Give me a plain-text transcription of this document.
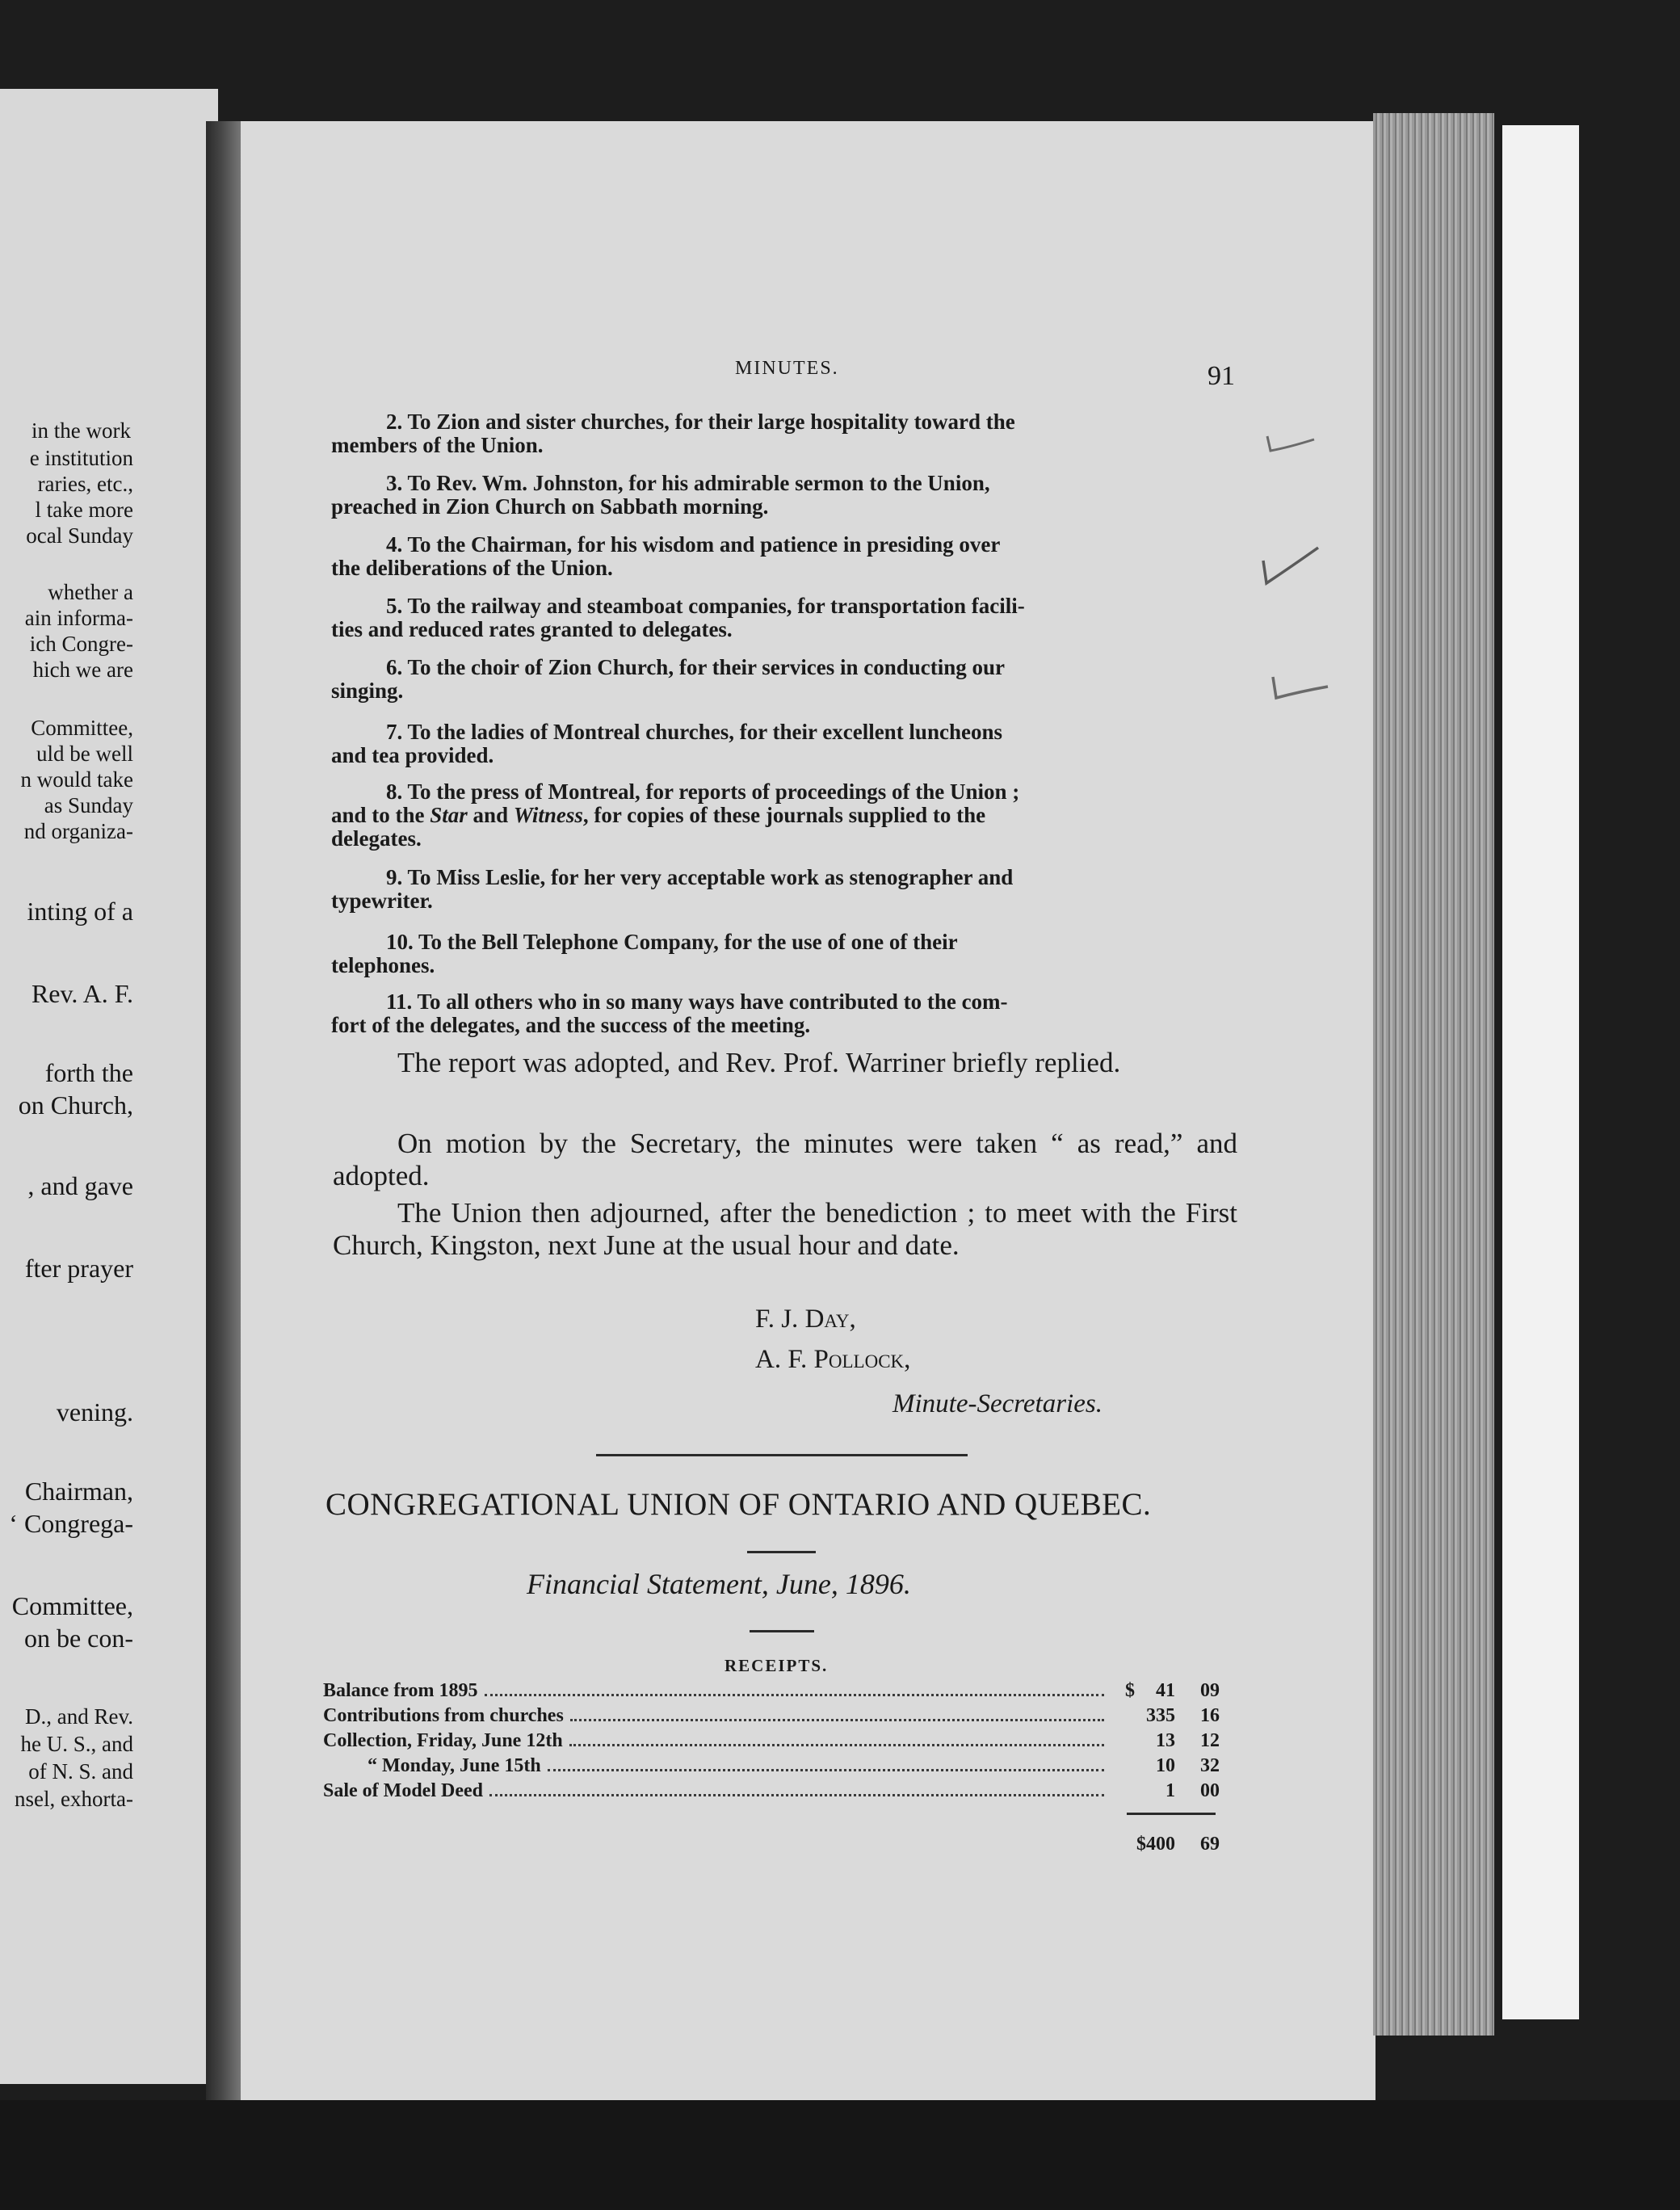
in the work
e institution
raries, etc.,
l take more
ocal Sunday
whether a
ain informa-
ich Congre-
hich we are
Committee,
uld be well
n would take
as Sunday
nd organiza-
inting of a
Rev. A. F.
forth the
on Church,
, and gave
fter prayer
vening.
Chairman,
‘ Congrega-
Committee,
on be con-
D., and Rev.
he U. S., and
of N. S. and
nsel, exhorta-
MINUTES.	91
2. To Zion and sister churches, for their large hospitality toward the
members of the Union.
3. To Rev. Wm. Johnston, for his admirable sermon to the Union,
preached in Zion Church on Sabbath morning.
4. To the Chairman, for his wisdom and patience in presiding over
the deliberations of the Union.
5. To the railway and steamboat companies, for transportation facili-
ties and reduced rates granted to delegates.
6. To the choir of Zion Church, for their services in conducting our
singing.
7. To the ladies of Montreal churches, for their excellent luncheons
and tea provided.
8. To the press of Montreal, for reports of proceedings of the Union ;
and to the Star and Witness, for copies of these journals supplied to the
delegates.
9. To Miss Leslie, for her very acceptable work as stenographer and
typewriter.
10. To the Bell Telephone Company, for the use of one of their
telephones.
11. To all others who in so many ways have contributed to the com-
fort of the delegates, and the success of the meeting.
The report was adopted, and Rev. Prof. Warriner briefly replied.
On motion by the Secretary, the minutes were taken “ as read,” and adopted.
The Union then adjourned, after the benediction ; to meet with the First Church, Kingston, next June at the usual hour and date.
F. J. Day,
A. F. Pollock,
Minute-Secretaries.
CONGREGATIONAL UNION OF ONTARIO AND QUEBEC.
Financial Statement, June, 1896.
RECEIPTS.
Balance from 1895	$	41	09
Contributions from churches	335	16
Collection, Friday, June 12th	13	12
“ Monday, June 15th	10	32
Sale of Model Deed	1	00
$400	69
